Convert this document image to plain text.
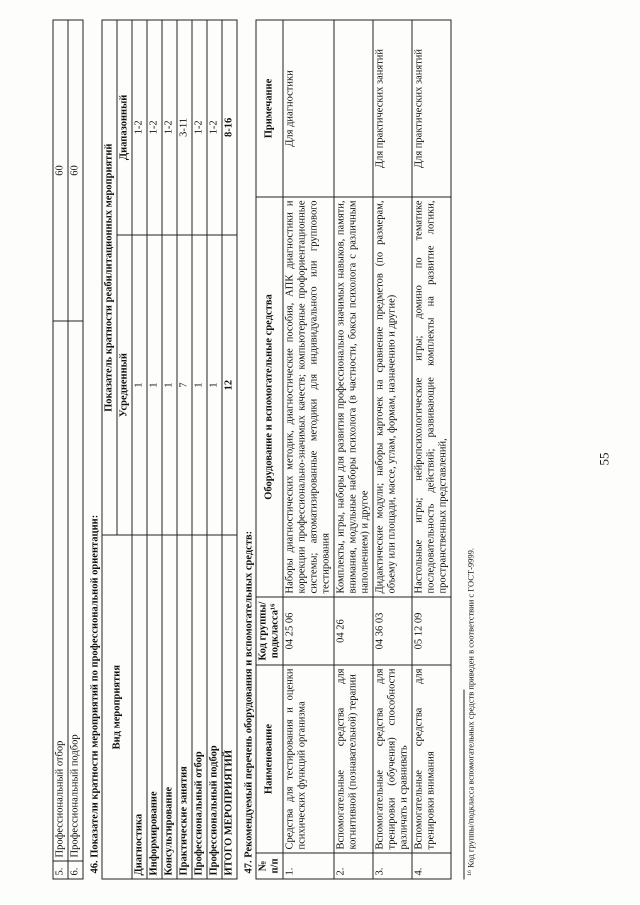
55
5.	Профессиональный отбор	60
6.	Профессиональный подбор	60
46. Показатели кратности мероприятий по профессиональной ориентации: Вид мероприятия	Показатель кратности реабилитационных мероприятий	
	Усредненный	Диапазонный
Диагностика	1	1-2
Информирование	1	1-2
Консультирование	1	1-2
Практические занятия	7	3-11
Профессиональный отбор	1	1-2
Профессиональный подбор	1	1-2
ИТОГО МЕРОПРИЯТИЙ	12	8-16
47. Рекомендуемый перечень оборудования и вспомогательных средств: № п/п	Наименование	Код группы/ подкласса¹⁶	Оборудование и вспомогательные средства	Примечание
1.	Средства для тестирования и оценки психических функций организма	04 25 06	Наборы диагностических методик, диагностические пособия, АПК диагностики и коррекции профессионально-значимых качеств; компьютерные профориентационные системы; автоматизированные методики для индивидуального или группового тестирования	Для диагностики
2.	Вспомогательные средства для когнитивной (познавательной) терапии	04 26	Комплекты, игры, наборы для развития профессионально значимых навыков, памяти, внимания, модульные наборы психолога (в частности, боксы психолога с различным наполнением) и другое	
3.	Вспомогательные средства для тренировки (обучения) способности различать и сравнивать	04 36 03	Дидактические модули; наборы карточек на сравнение предметов (по размерам, объему или площади, массе, углам, формам, назначению и другие)	Для практических занятий
4.	Вспомогательные средства для тренировки внимания	05 12 09	Настольные игры; нейропсихологические игры; домино по тематике последовательность действий; развивающие комплекты на развитие логики, пространственных представлений,	Для практических занятий
¹⁶ Код группы/подкласса вспомогательных средств приведен в соответствии с ГОСТ-9999.
